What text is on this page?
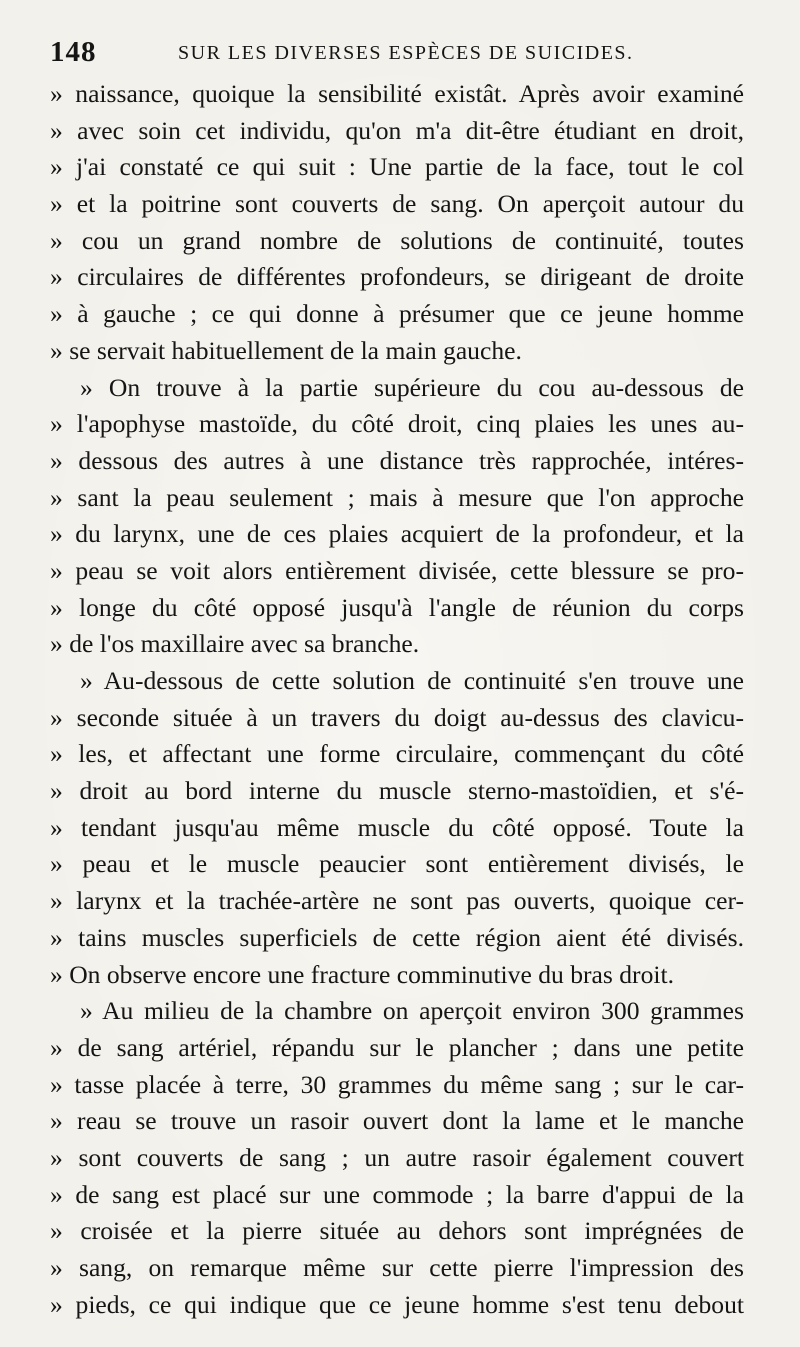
148	SUR LES DIVERSES ESPÈCES DE SUICIDES.
» naissance, quoique la sensibilité existât. Après avoir examiné
» avec soin cet individu, qu'on m'a dit-être étudiant en droit,
» j'ai constaté ce qui suit : Une partie de la face, tout le col
» et la poitrine sont couverts de sang. On aperçoit autour du
» cou un grand nombre de solutions de continuité, toutes
» circulaires de différentes profondeurs, se dirigeant de droite
» à gauche ; ce qui donne à présumer que ce jeune homme
» se servait habituellement de la main gauche.
» On trouve à la partie supérieure du cou au-dessous de
» l'apophyse mastoïde, du côté droit, cinq plaies les unes au-
» dessous des autres à une distance très rapprochée, intéres-
» sant la peau seulement ; mais à mesure que l'on approche
» du larynx, une de ces plaies acquiert de la profondeur, et la
» peau se voit alors entièrement divisée, cette blessure se pro-
» longe du côté opposé jusqu'à l'angle de réunion du corps
» de l'os maxillaire avec sa branche.
» Au-dessous de cette solution de continuité s'en trouve une
» seconde située à un travers du doigt au-dessus des clavicu-
» les, et affectant une forme circulaire, commençant du côté
» droit au bord interne du muscle sterno-mastoïdien, et s'é-
» tendant jusqu'au même muscle du côté opposé. Toute la
» peau et le muscle peaucier sont entièrement divisés, le
» larynx et la trachée-artère ne sont pas ouverts, quoique cer-
» tains muscles superficiels de cette région aient été divisés.
» On observe encore une fracture comminutive du bras droit.
» Au milieu de la chambre on aperçoit environ 300 grammes
» de sang artériel, répandu sur le plancher ; dans une petite
» tasse placée à terre, 30 grammes du même sang ; sur le car-
» reau se trouve un rasoir ouvert dont la lame et le manche
» sont couverts de sang ; un autre rasoir également couvert
» de sang est placé sur une commode ; la barre d'appui de la
» croisée et la pierre située au dehors sont imprégnées de
» sang, on remarque même sur cette pierre l'impression des
» pieds, ce qui indique que ce jeune homme s'est tenu debout
